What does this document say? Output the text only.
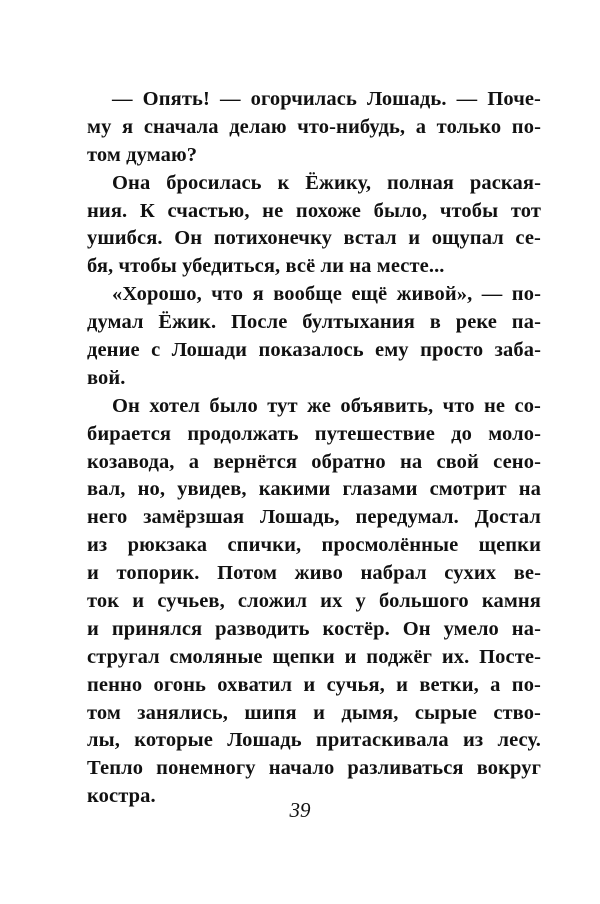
— Опять! — огорчилась Лошадь. — Поче-
му я сначала делаю что-нибудь, а только по-
том думаю?
Она бросилась к Ёжику, полная раская-
ния. К счастью, не похоже было, чтобы тот
ушибся. Он потихонечку встал и ощупал се-
бя, чтобы убедиться, всё ли на месте...
«Хорошо, что я вообще ещё живой», — по-
думал Ёжик. После бултыхания в реке па-
дение с Лошади показалось ему просто заба-
вой.
Он хотел было тут же объявить, что не со-
бирается продолжать путешествие до моло-
козавода, а вернётся обратно на свой сено-
вал, но, увидев, какими глазами смотрит на
него замёрзшая Лошадь, передумал. Достал
из рюкзака спички, просмолённые щепки
и топорик. Потом живо набрал сухих ве-
ток и сучьев, сложил их у большого камня
и принялся разводить костёр. Он умело на-
стругал смоляные щепки и поджёг их. Посте-
пенно огонь охватил и сучья, и ветки, а по-
том занялись, шипя и дымя, сырые ство-
лы, которые Лошадь притаскивала из лесу.
Тепло понемногу начало разливаться вокруг
костра.
39
